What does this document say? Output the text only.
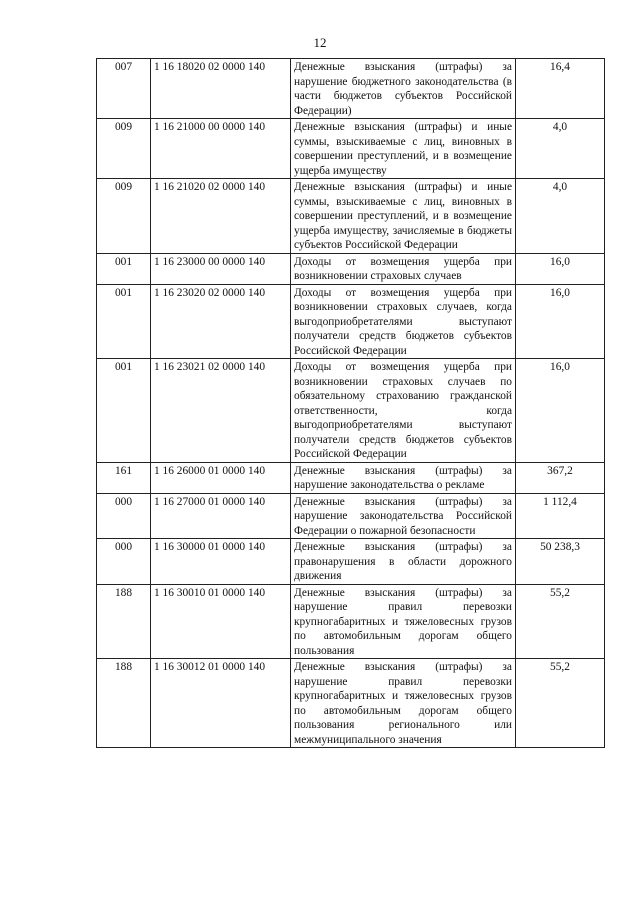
12
007	1 16 18020 02 0000 140	Денежные взыскания (штрафы) за нарушение бюджетного законодательства (в части бюджетов субъектов Российской Федерации)	16,4
009	1 16 21000 00 0000 140	Денежные взыскания (штрафы) и иные суммы, взыскиваемые с лиц, виновных в совершении преступлений, и в возмещение ущерба имуществу	4,0
009	1 16 21020 02 0000 140	Денежные взыскания (штрафы) и иные суммы, взыскиваемые с лиц, виновных в совершении преступлений, и в возмещение ущерба имуществу, зачисляемые в бюджеты субъектов Российской Федерации	4,0
001	1 16 23000 00 0000 140	Доходы от возмещения ущерба при возникновении страховых случаев	16,0
001	1 16 23020 02 0000 140	Доходы от возмещения ущерба при возникновении страховых случаев, когда выгодоприобретателями выступают получатели средств бюджетов субъектов Российской Федерации	16,0
001	1 16 23021 02 0000 140	Доходы от возмещения ущерба при возникновении страховых случаев по обязательному страхованию гражданской ответственности, когда выгодоприобретателями выступают получатели средств бюджетов субъектов Российской Федерации	16,0
161	1 16 26000 01 0000 140	Денежные взыскания (штрафы) за нарушение законодательства о рекламе	367,2
000	1 16 27000 01 0000 140	Денежные взыскания (штрафы) за нарушение законодательства Российской Федерации о пожарной безопасности	1 112,4
000	1 16 30000 01 0000 140	Денежные взыскания (штрафы) за правонарушения в области дорожного движения	50 238,3
188	1 16 30010 01 0000 140	Денежные взыскания (штрафы) за нарушение правил перевозки крупногабаритных и тяжеловесных грузов по автомобильным дорогам общего пользования	55,2
188	1 16 30012 01 0000 140	Денежные взыскания (штрафы) за нарушение правил перевозки крупногабаритных и тяжеловесных грузов по автомобильным дорогам общего пользования регионального или межмуниципального значения	55,2
